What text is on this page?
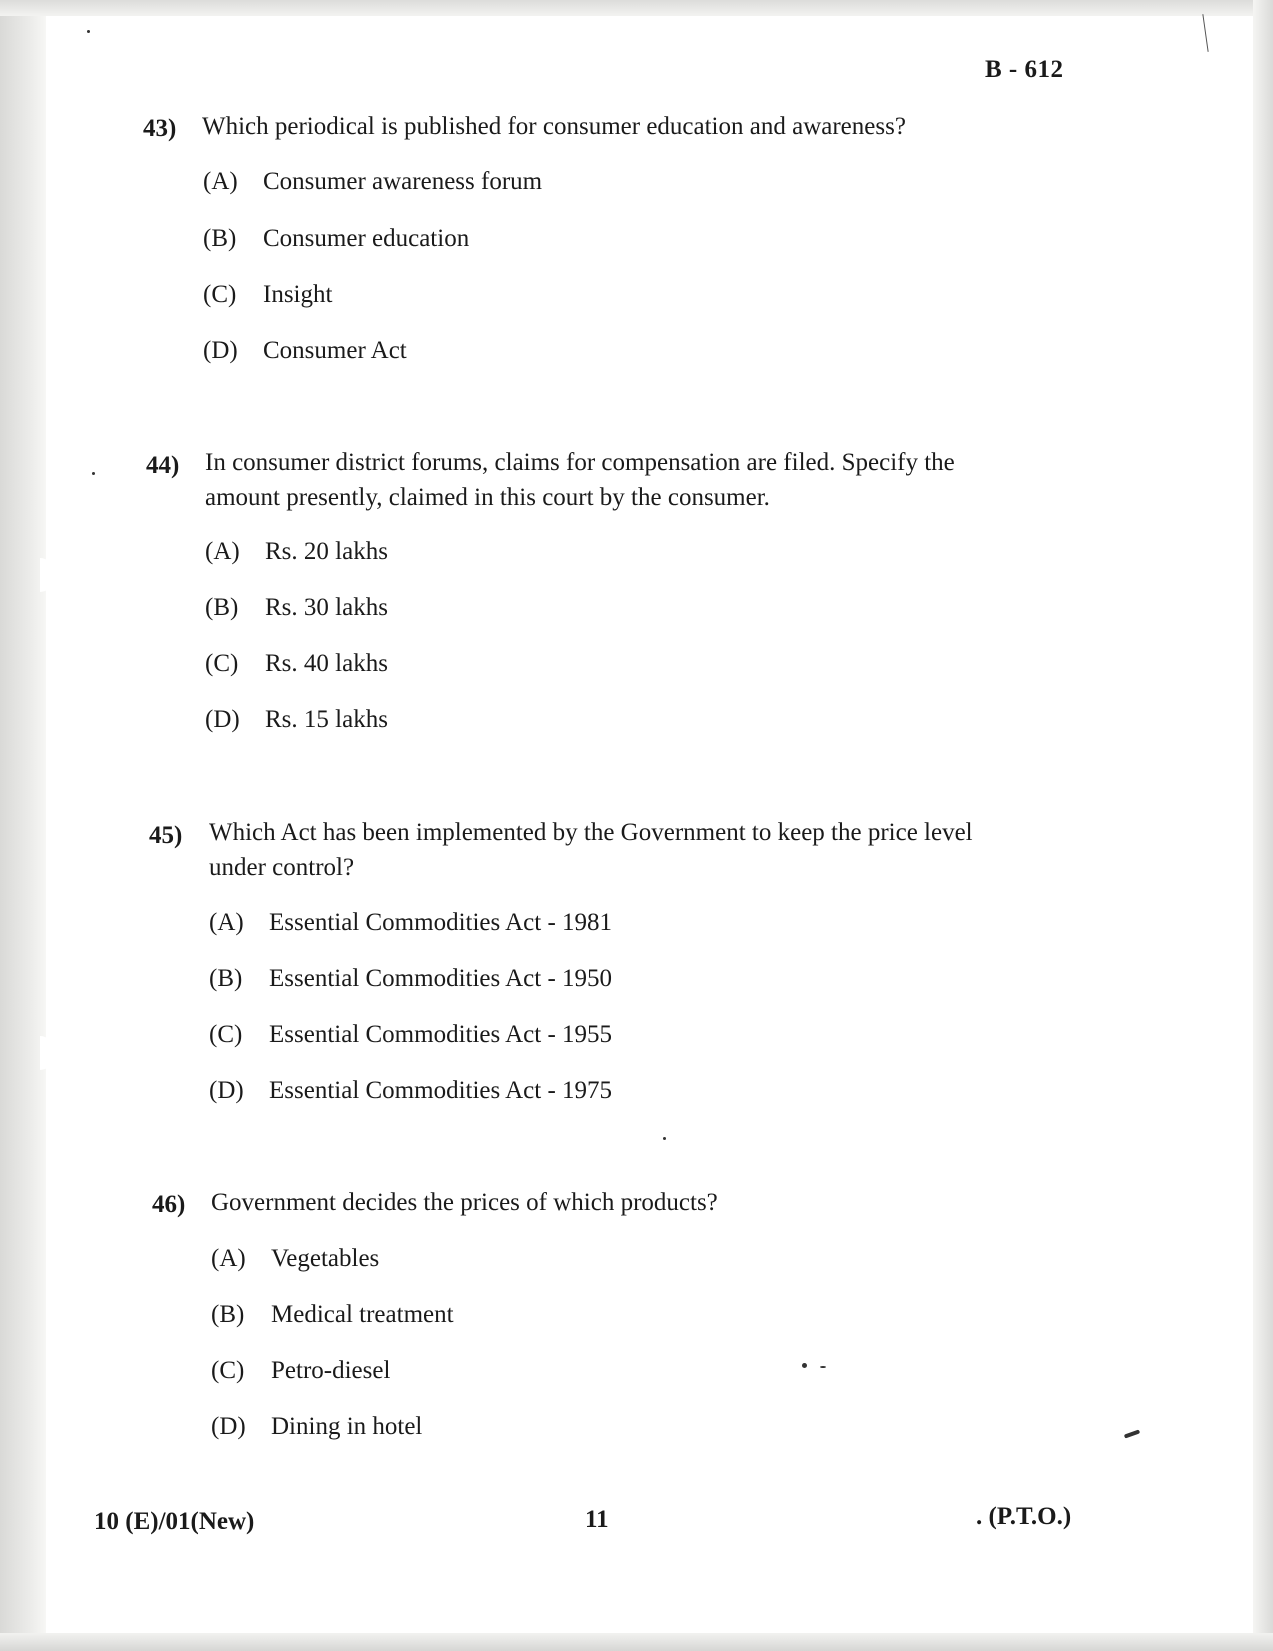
B - 612
43) Which periodical is published for consumer education and awareness?
(A) Consumer awareness forum
(B) Consumer education
(C) Insight
(D) Consumer Act
44) In consumer district forums, claims for compensation are filed. Specify the amount presently, claimed in this court by the consumer.
(A) Rs. 20 lakhs
(B) Rs. 30 lakhs
(C) Rs. 40 lakhs
(D) Rs. 15 lakhs
45) Which Act has been implemented by the Government to keep the price level under control?
(A) Essential Commodities Act - 1981
(B) Essential Commodities Act - 1950
(C) Essential Commodities Act - 1955
(D) Essential Commodities Act - 1975
46) Government decides the prices of which products?
(A) Vegetables
(B) Medical treatment
(C) Petro-diesel
(D) Dining in hotel
10 (E)/01(New)	11	. (P.T.O.)
